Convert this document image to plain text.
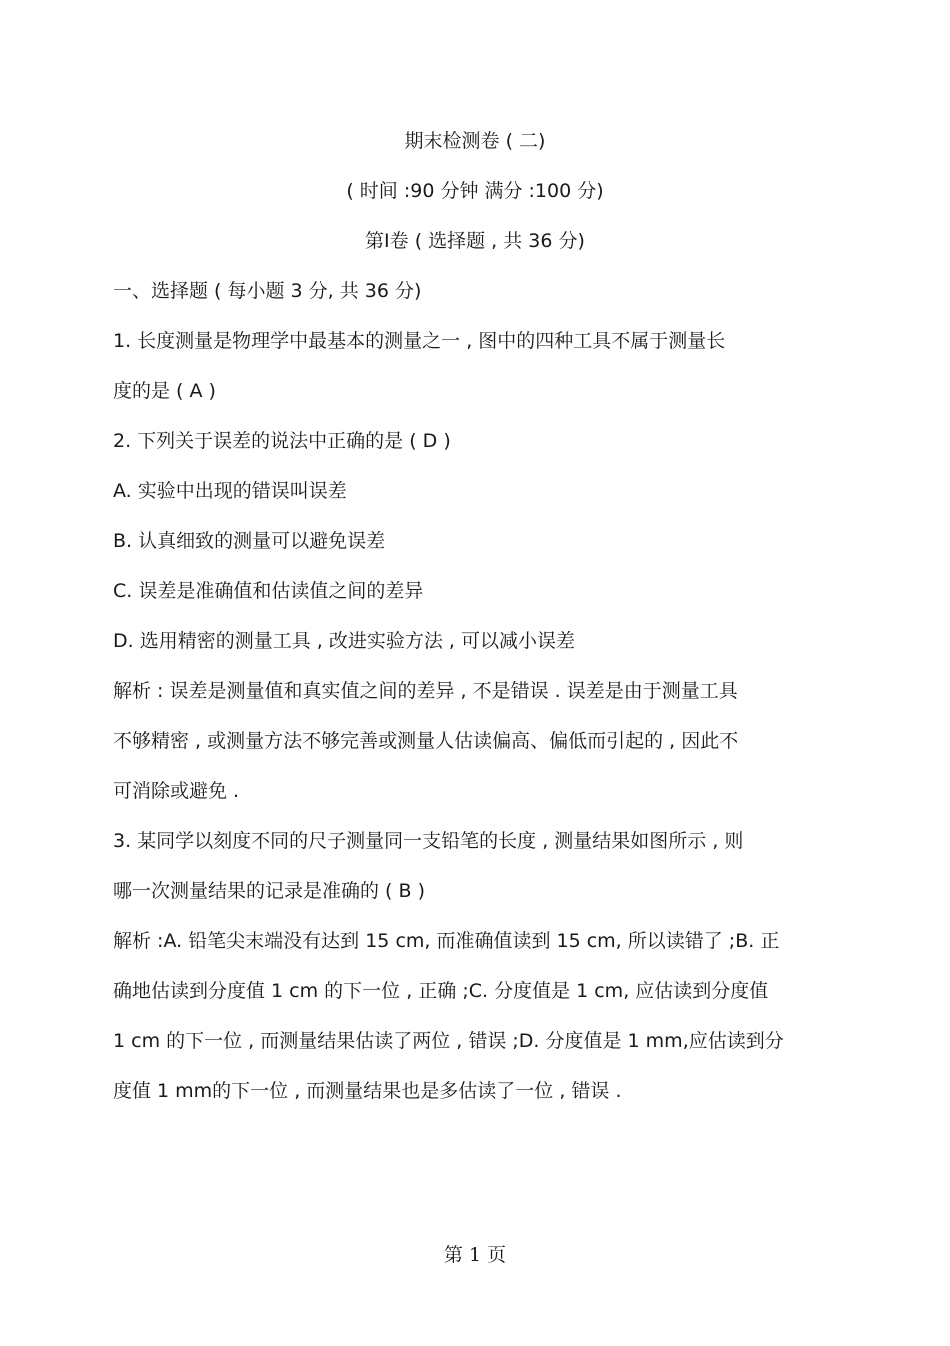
期末检测卷 ( 二)
( 时间 :90 分钟 满分 :100 分)
第Ⅰ卷 ( 选择题 , 共 36 分)
一、选择题 ( 每小题 3 分, 共 36 分)
1. 长度测量是物理学中最基本的测量之一 , 图中的四种工具不属于测量长
度的是 ( A )
2. 下列关于误差的说法中正确的是 ( D )
A. 实验中出现的错误叫误差
B. 认真细致的测量可以避免误差
C. 误差是准确值和估读值之间的差异
D. 选用精密的测量工具 , 改进实验方法 , 可以减小误差
解析 : 误差是测量值和真实值之间的差异 , 不是错误 . 误差是由于测量工具
不够精密 , 或测量方法不够完善或测量人估读偏高、偏低而引起的 , 因此不
可消除或避免 .
3. 某同学以刻度不同的尺子测量同一支铅笔的长度 , 测量结果如图所示 , 则
哪一次测量结果的记录是准确的 ( B )
解析 :A. 铅笔尖末端没有达到 15 cm, 而准确值读到 15 cm, 所以读错了 ;B. 正
确地估读到分度值 1 cm 的下一位 , 正确 ;C. 分度值是 1 cm, 应估读到分度值
1 cm 的下一位 , 而测量结果估读了两位 , 错误 ;D. 分度值是 1 mm,应估读到分
度值 1 mm的下一位 , 而测量结果也是多估读了一位 , 错误 .
第 1 页
